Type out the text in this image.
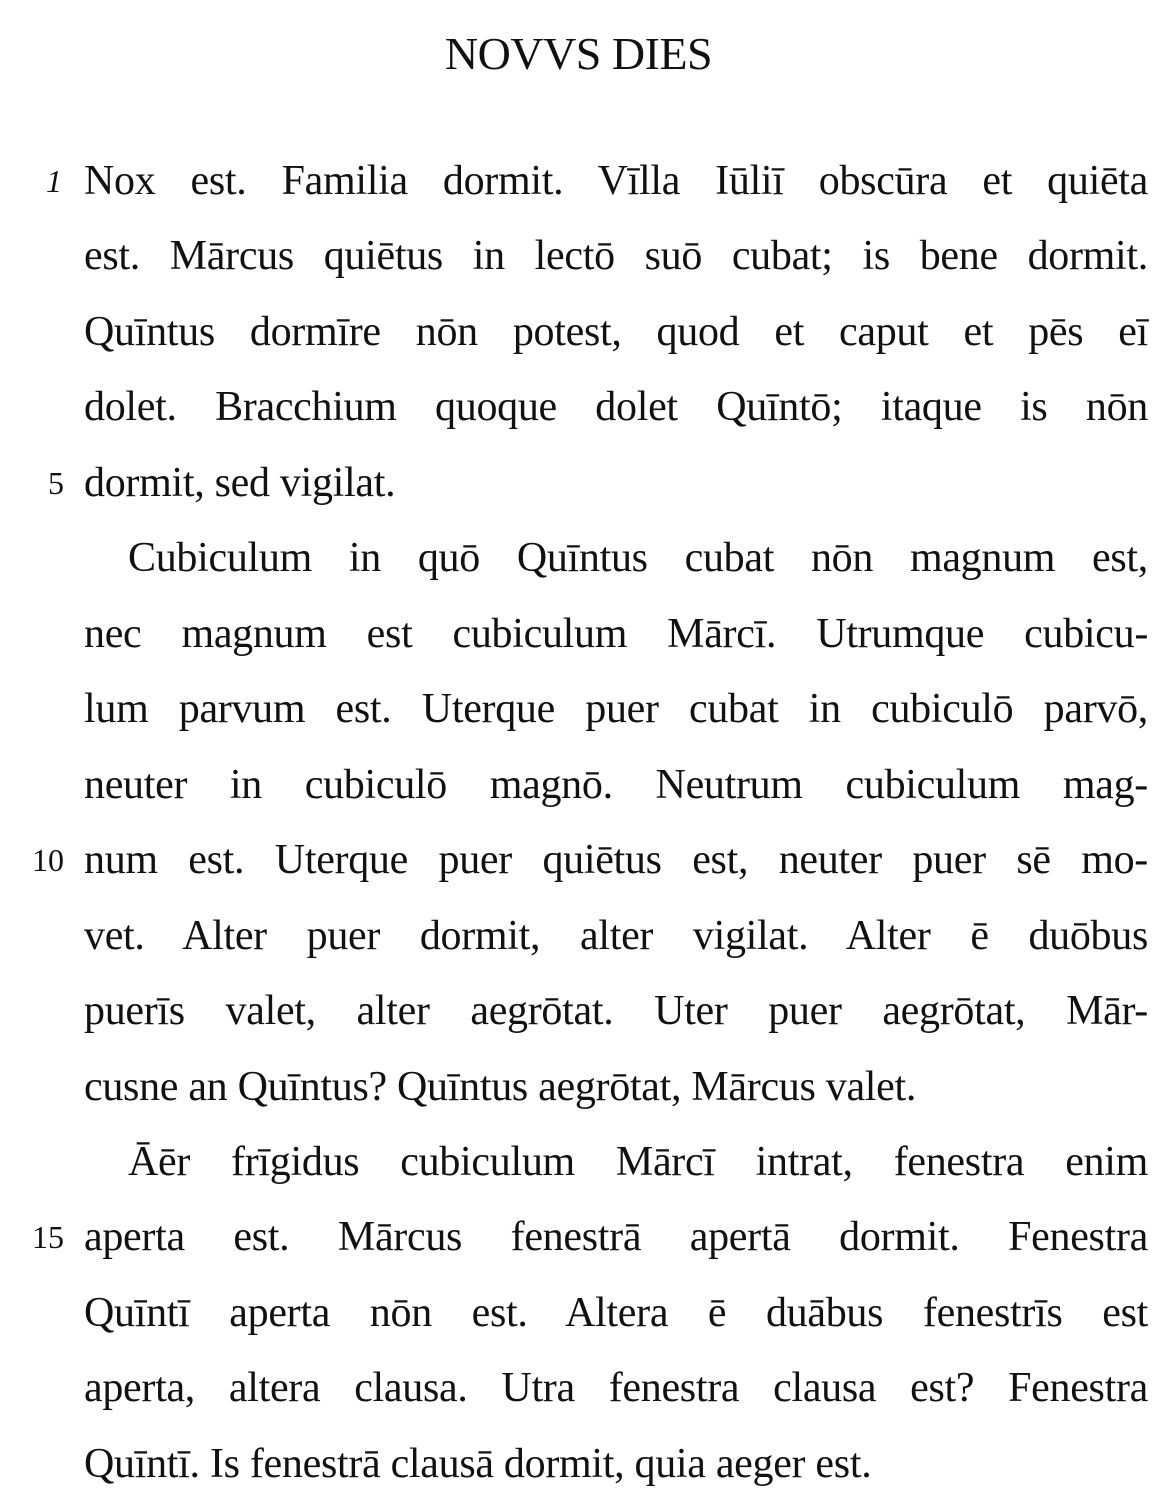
NOVVS DIES
1
5
10
15
Nox est. Familia dormit. Vīlla Iūliī obscūra et quiēta
est. Mārcus quiētus in lectō suō cubat; is bene dormit.
Quīntus dormīre nōn potest, quod et caput et pēs eī
dolet. Bracchium quoque dolet Quīntō; itaque is nōn
dormit, sed vigilat.
Cubiculum in quō Quīntus cubat nōn magnum est,
nec magnum est cubiculum Mārcī. Utrumque cubicu-
lum parvum est. Uterque puer cubat in cubiculō parvō,
neuter in cubiculō magnō. Neutrum cubiculum mag-
num est. Uterque puer quiētus est, neuter puer sē mo-
vet. Alter puer dormit, alter vigilat. Alter ē duōbus
puerīs valet, alter aegrōtat. Uter puer aegrōtat, Mār-
cusne an Quīntus? Quīntus aegrōtat, Mārcus valet.
Āēr frīgidus cubiculum Mārcī intrat, fenestra enim
aperta est. Mārcus fenestrā apertā dormit. Fenestra
Quīntī aperta nōn est. Altera ē duābus fenestrīs est
aperta, altera clausa. Utra fenestra clausa est? Fenestra
Quīntī. Is fenestrā clausā dormit, quia aeger est.
